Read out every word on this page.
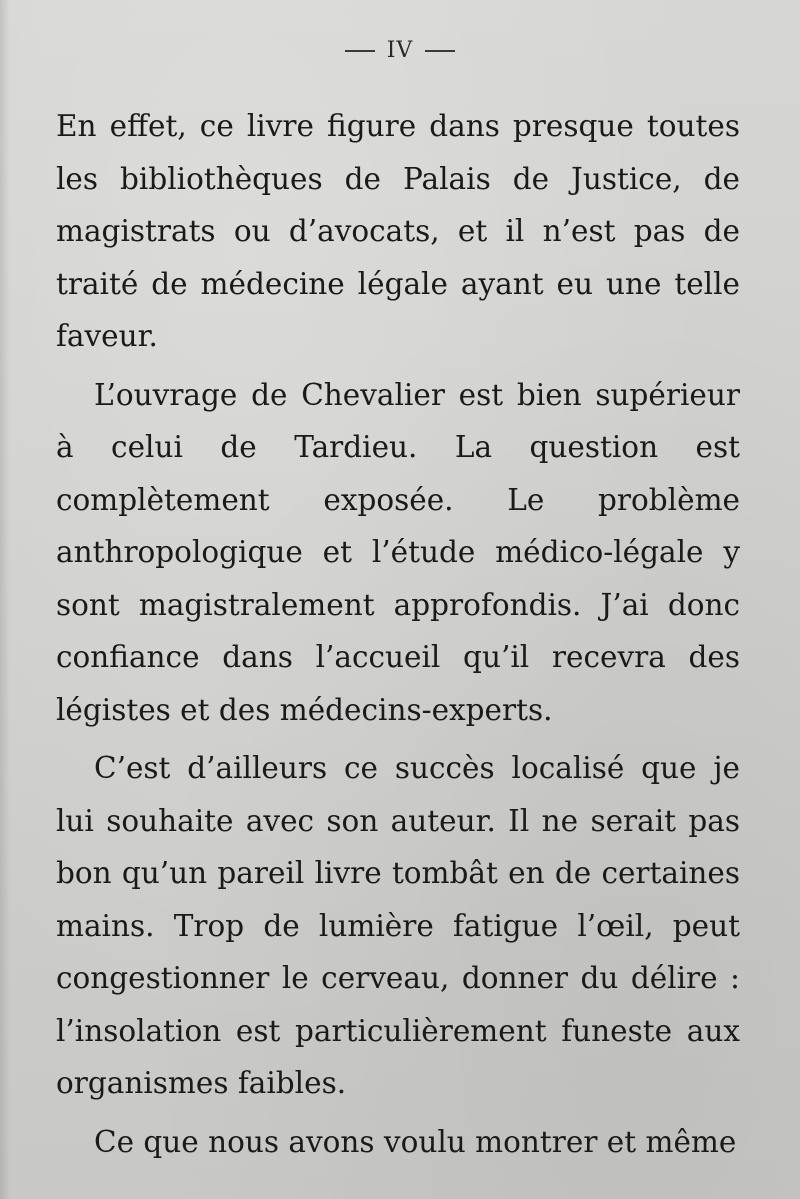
IV

En effet, ce livre figure dans presque toutes les bibliothèques de Palais de Justice, de magistrats ou d’avocats, et il n’est pas de traité de médecine légale ayant eu une telle faveur.

L’ouvrage de Chevalier est bien supérieur à celui de Tardieu. La question est complètement exposée. Le problème anthropologique et l’étude médico-légale y sont magistralement approfondis. J’ai donc confiance dans l’accueil qu’il recevra des légistes et des médecins-experts.

C’est d’ailleurs ce succès localisé que je lui souhaite avec son auteur. Il ne serait pas bon qu’un pareil livre tombât en de certaines mains. Trop de lumière fatigue l’œil, peut congestionner le cerveau, donner du délire : l’insolation est particulièrement funeste aux organismes faibles.

Ce que nous avons voulu montrer et même
